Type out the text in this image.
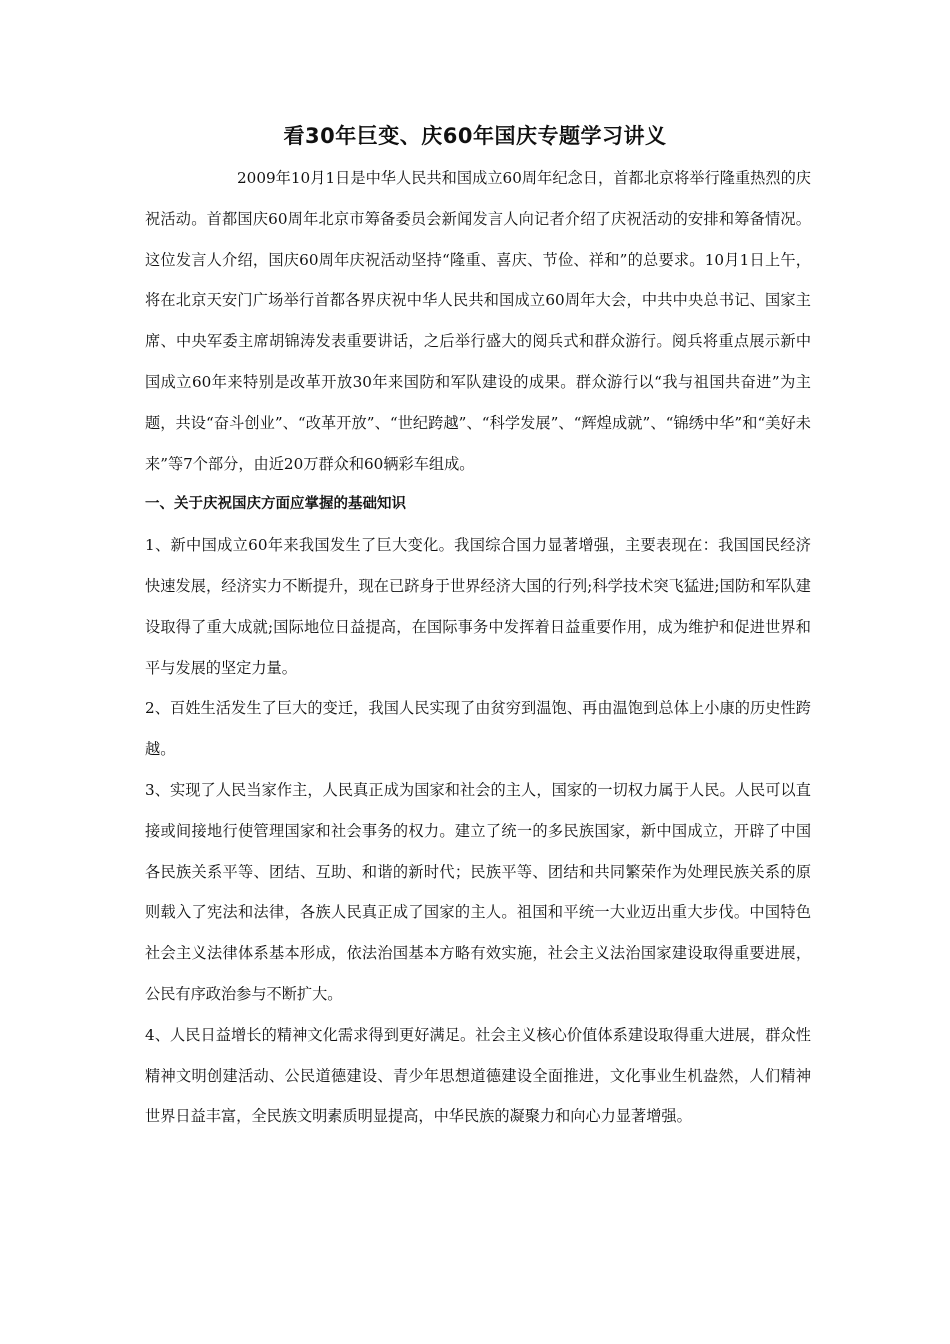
看30年巨变、庆60年国庆专题学习讲义

2009年10月1日是中华人民共和国成立60周年纪念日，首都北京将举行隆重热烈的庆祝活动。首都国庆60周年北京市筹备委员会新闻发言人向记者介绍了庆祝活动的安排和筹备情况。 这位发言人介绍，国庆60周年庆祝活动坚持“隆重、喜庆、节俭、祥和”的总要求。10月1日上午，将在北京天安门广场举行首都各界庆祝中华人民共和国成立60周年大会，中共中央总书记、国家主席、中央军委主席胡锦涛发表重要讲话，之后举行盛大的阅兵式和群众游行。阅兵将重点展示新中国成立60年来特别是改革开放30年来国防和军队建设的成果。群众游行以“我与祖国共奋进”为主题，共设“奋斗创业”、“改革开放”、“世纪跨越”、“科学发展”、“辉煌成就”、“锦绣中华”和“美好未来”等7个部分，由近20万群众和60辆彩车组成。

一、关于庆祝国庆方面应掌握的基础知识

1、新中国成立60年来我国发生了巨大变化。我国综合国力显著增强，主要表现在：我国国民经济快速发展，经济实力不断提升，现在已跻身于世界经济大国的行列;科学技术突飞猛进;国防和军队建设取得了重大成就;国际地位日益提高，在国际事务中发挥着日益重要作用，成为维护和促进世界和平与发展的坚定力量。

2、百姓生活发生了巨大的变迁，我国人民实现了由贫穷到温饱、再由温饱到总体上小康的历史性跨越。

3、实现了人民当家作主，人民真正成为国家和社会的主人，国家的一切权力属于人民。人民可以直接或间接地行使管理国家和社会事务的权力。建立了统一的多民族国家，新中国成立，开辟了中国各民族关系平等、团结、互助、和谐的新时代；民族平等、团结和共同繁荣作为处理民族关系的原则载入了宪法和法律，各族人民真正成了国家的主人。祖国和平统一大业迈出重大步伐。中国特色社会主义法律体系基本形成，依法治国基本方略有效实施，社会主义法治国家建设取得重要进展，公民有序政治参与不断扩大。

4、人民日益增长的精神文化需求得到更好满足。社会主义核心价值体系建设取得重大进展，群众性精神文明创建活动、公民道德建设、青少年思想道德建设全面推进，文化事业生机盎然，人们精神世界日益丰富，全民族文明素质明显提高，中华民族的凝聚力和向心力显著增强。
